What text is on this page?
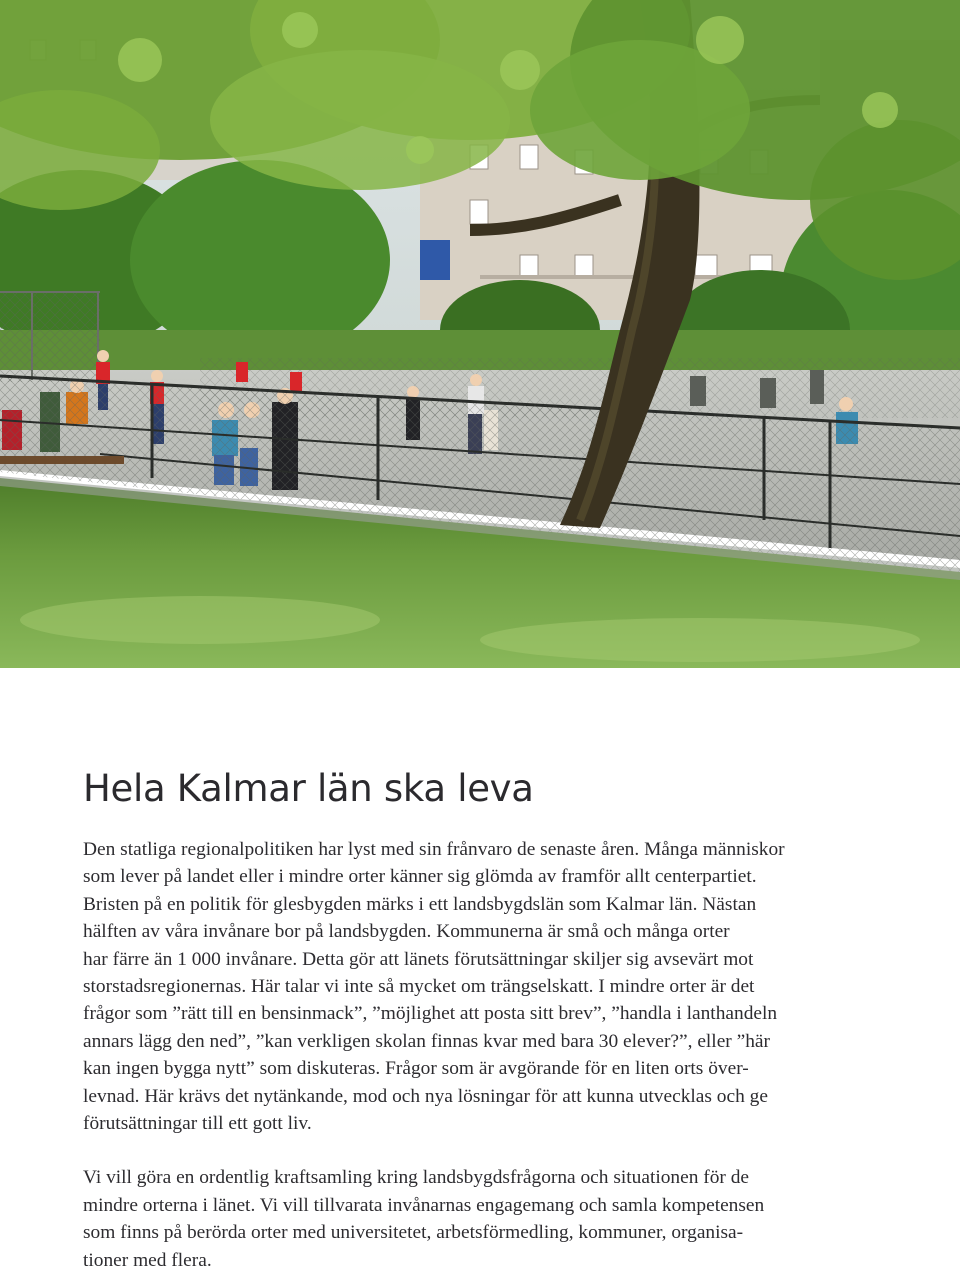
Hela Kalmar län ska leva

Den statliga regionalpolitiken har lyst med sin frånvaro de senaste åren. Många människor
som lever på landet eller i mindre orter känner sig glömda av framför allt centerpartiet.
Bristen på en politik för glesbygden märks i ett landsbygdslän som Kalmar län. Nästan
hälften av våra invånare bor på landsbygden. Kommunerna är små och många orter
har färre än 1 000 invånare. Detta gör att länets förutsättningar skiljer sig avsevärt mot
storstadsregionernas. Här talar vi inte så mycket om trängselskatt. I mindre orter är det
frågor som ”rätt till en bensinmack”, ”möjlighet att posta sitt brev”, ”handla i lanthandeln
annars lägg den ned”, ”kan verkligen skolan finnas kvar med bara 30 elever?”, eller ”här
kan ingen bygga nytt” som diskuteras. Frågor som är avgörande för en liten orts över-
levnad. Här krävs det nytänkande, mod och nya lösningar för att kunna utvecklas och ge
förutsättningar till ett gott liv.

Vi vill göra en ordentlig kraftsamling kring landsbygdsfrågorna och situationen för de
mindre orterna i länet. Vi vill tillvarata invånarnas engagemang och samla kompetensen
som finns på berörda orter med universitetet, arbetsförmedling, kommuner, organisa-
tioner med flera.
